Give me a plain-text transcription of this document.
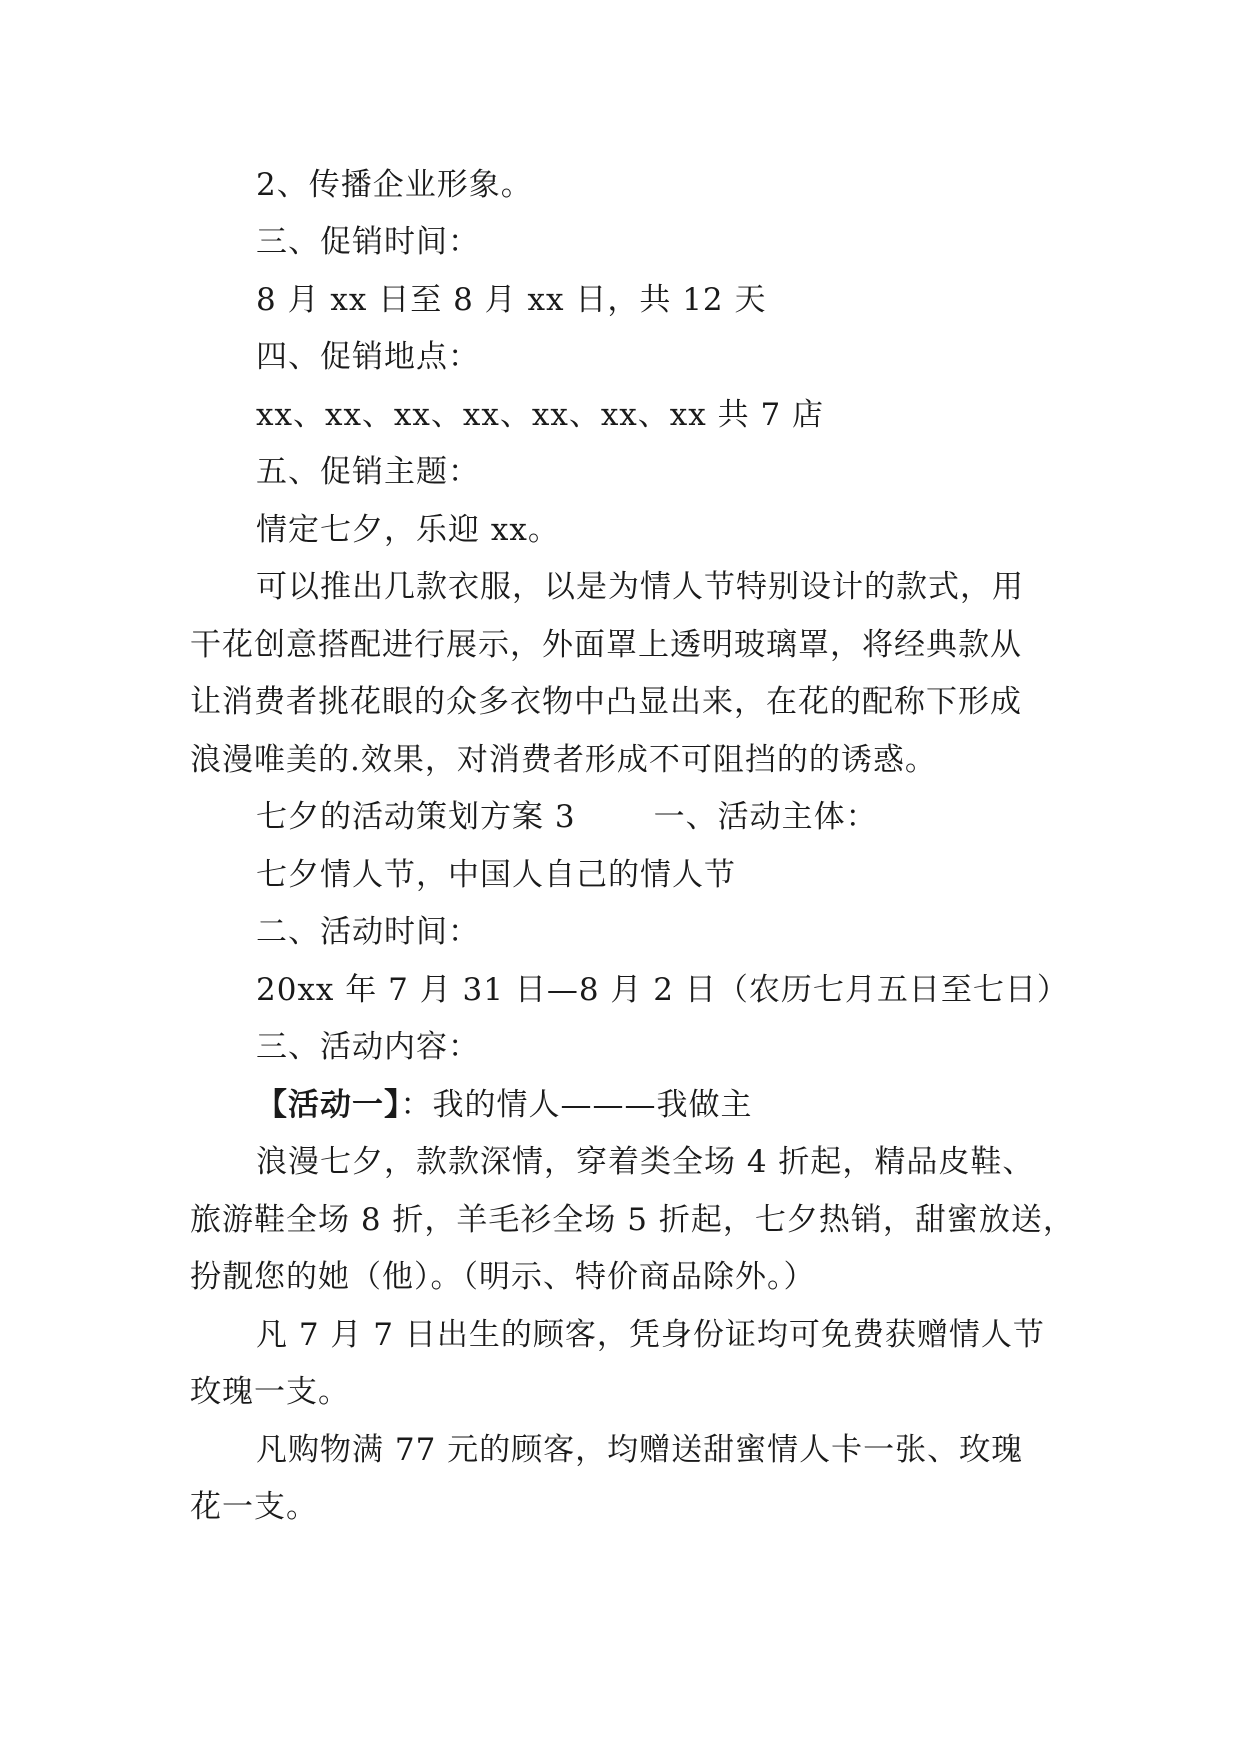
2、传播企业形象。
三、促销时间：
8 月 xx 日至 8 月 xx 日，共 12 天
四、促销地点：
xx、xx、xx、xx、xx、xx、xx 共 7 店
五、促销主题：
情定七夕，乐迎 xx。
可以推出几款衣服，以是为情人节特别设计的款式，用
干花创意搭配进行展示，外面罩上透明玻璃罩，将经典款从
让消费者挑花眼的众多衣物中凸显出来，在花的配称下形成
浪漫唯美的.效果，对消费者形成不可阻挡的的诱惑。
七夕的活动策划方案 3	一、活动主体：
七夕情人节，中国人自己的情人节
二、活动时间：
20xx 年 7 月 31 日—8 月 2 日（农历七月五日至七日）
三、活动内容：
【活动一】：我的情人———我做主
浪漫七夕，款款深情，穿着类全场 4 折起，精品皮鞋、
旅游鞋全场 8 折，羊毛衫全场 5 折起，七夕热销，甜蜜放送，
扮靓您的她（他）。（明示、特价商品除外。）
凡 7 月 7 日出生的顾客，凭身份证均可免费获赠情人节
玫瑰一支。
凡购物满 77 元的顾客，均赠送甜蜜情人卡一张、玫瑰
花一支。
